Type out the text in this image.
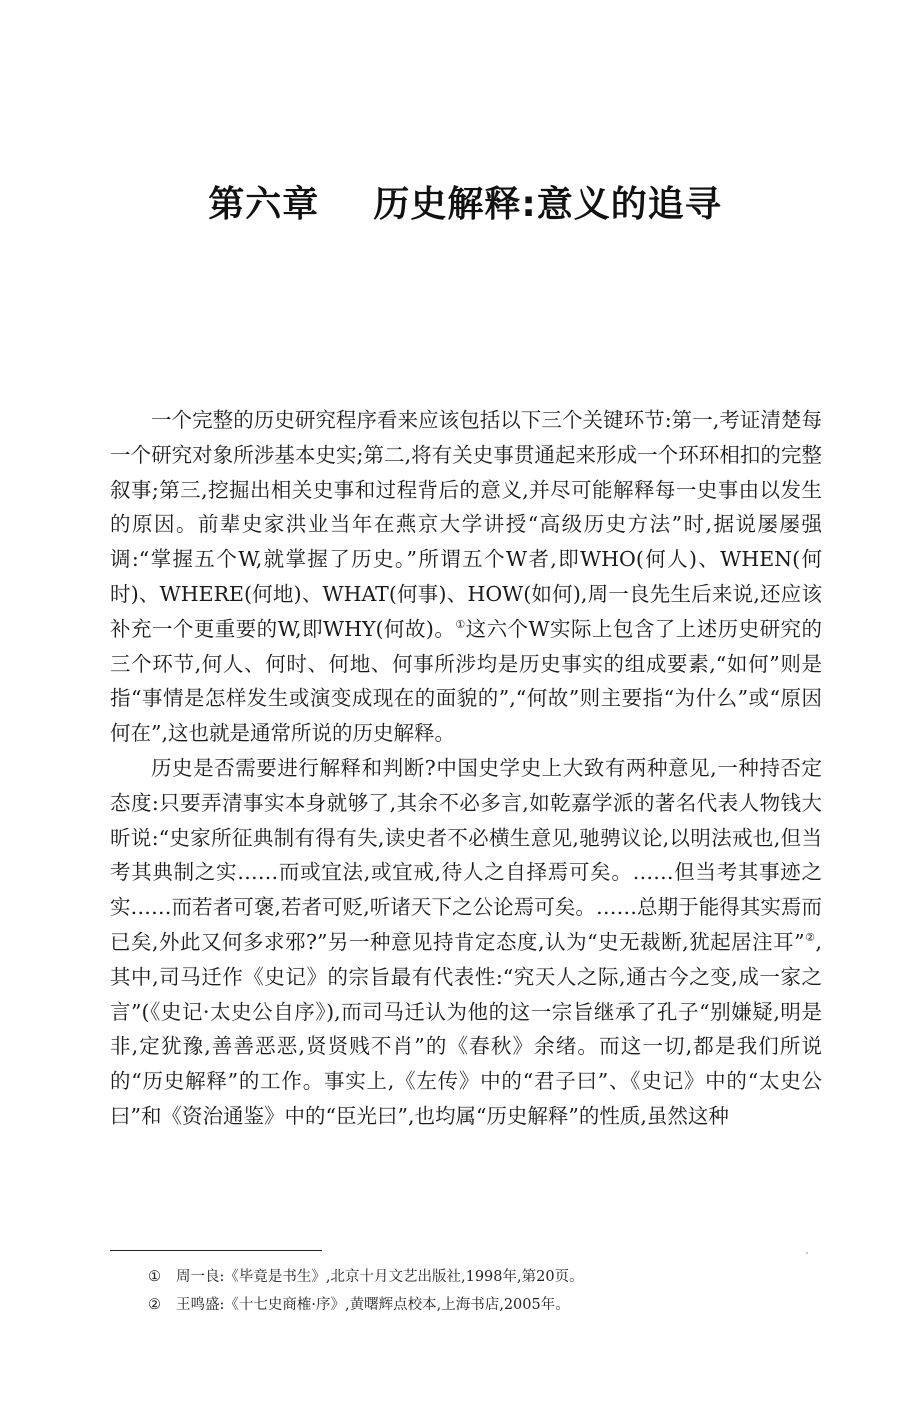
第六章    历史解释:意义的追寻

一个完整的历史研究程序看来应该包括以下三个关键环节:第一,考证清楚每一个研究对象所涉基本史实;第二,将有关史事贯通起来形成一个环环相扣的完整叙事;第三,挖掘出相关史事和过程背后的意义,并尽可能解释每一史事由以发生的原因。前辈史家洪业当年在燕京大学讲授“高级历史方法”时,据说屡屡强调:“掌握五个W,就掌握了历史。”所谓五个W者,即WHO(何人)、WHEN(何时)、WHERE(何地)、WHAT(何事)、HOW(如何),周一良先生后来说,还应该补充一个更重要的W,即WHY(何故)。①这六个W实际上包含了上述历史研究的三个环节,何人、何时、何地、何事所涉均是历史事实的组成要素,“如何”则是指“事情是怎样发生或演变成现在的面貌的”,“何故”则主要指“为什么”或“原因何在”,这也就是通常所说的历史解释。

历史是否需要进行解释和判断?中国史学史上大致有两种意见,一种持否定态度:只要弄清事实本身就够了,其余不必多言,如乾嘉学派的著名代表人物钱大昕说:“史家所征典制有得有失,读史者不必横生意见,驰骋议论,以明法戒也,但当考其典制之实……而或宜法,或宜戒,待人之自择焉可矣。……但当考其事迹之实……而若者可褒,若者可贬,听诸天下之公论焉可矣。……总期于能得其实焉而已矣,外此又何多求邪?”另一种意见持肯定态度,认为“史无裁断,犹起居注耳”②,其中,司马迁作《史记》的宗旨最有代表性:“究天人之际,通古今之变,成一家之言”(《史记·太史公自序》),而司马迁认为他的这一宗旨继承了孔子“别嫌疑,明是非,定犹豫,善善恶恶,贤贤贱不肖”的《春秋》余绪。而这一切,都是我们所说的“历史解释”的工作。事实上,《左传》中的“君子曰”、《史记》中的“太史公曰”和《资治通鉴》中的“臣光曰”,也均属“历史解释”的性质,虽然这种

① 周一良:《毕竟是书生》,北京十月文艺出版社,1998年,第20页。
② 王鸣盛:《十七史商榷·序》,黄曙辉点校本,上海书店,2005年。
